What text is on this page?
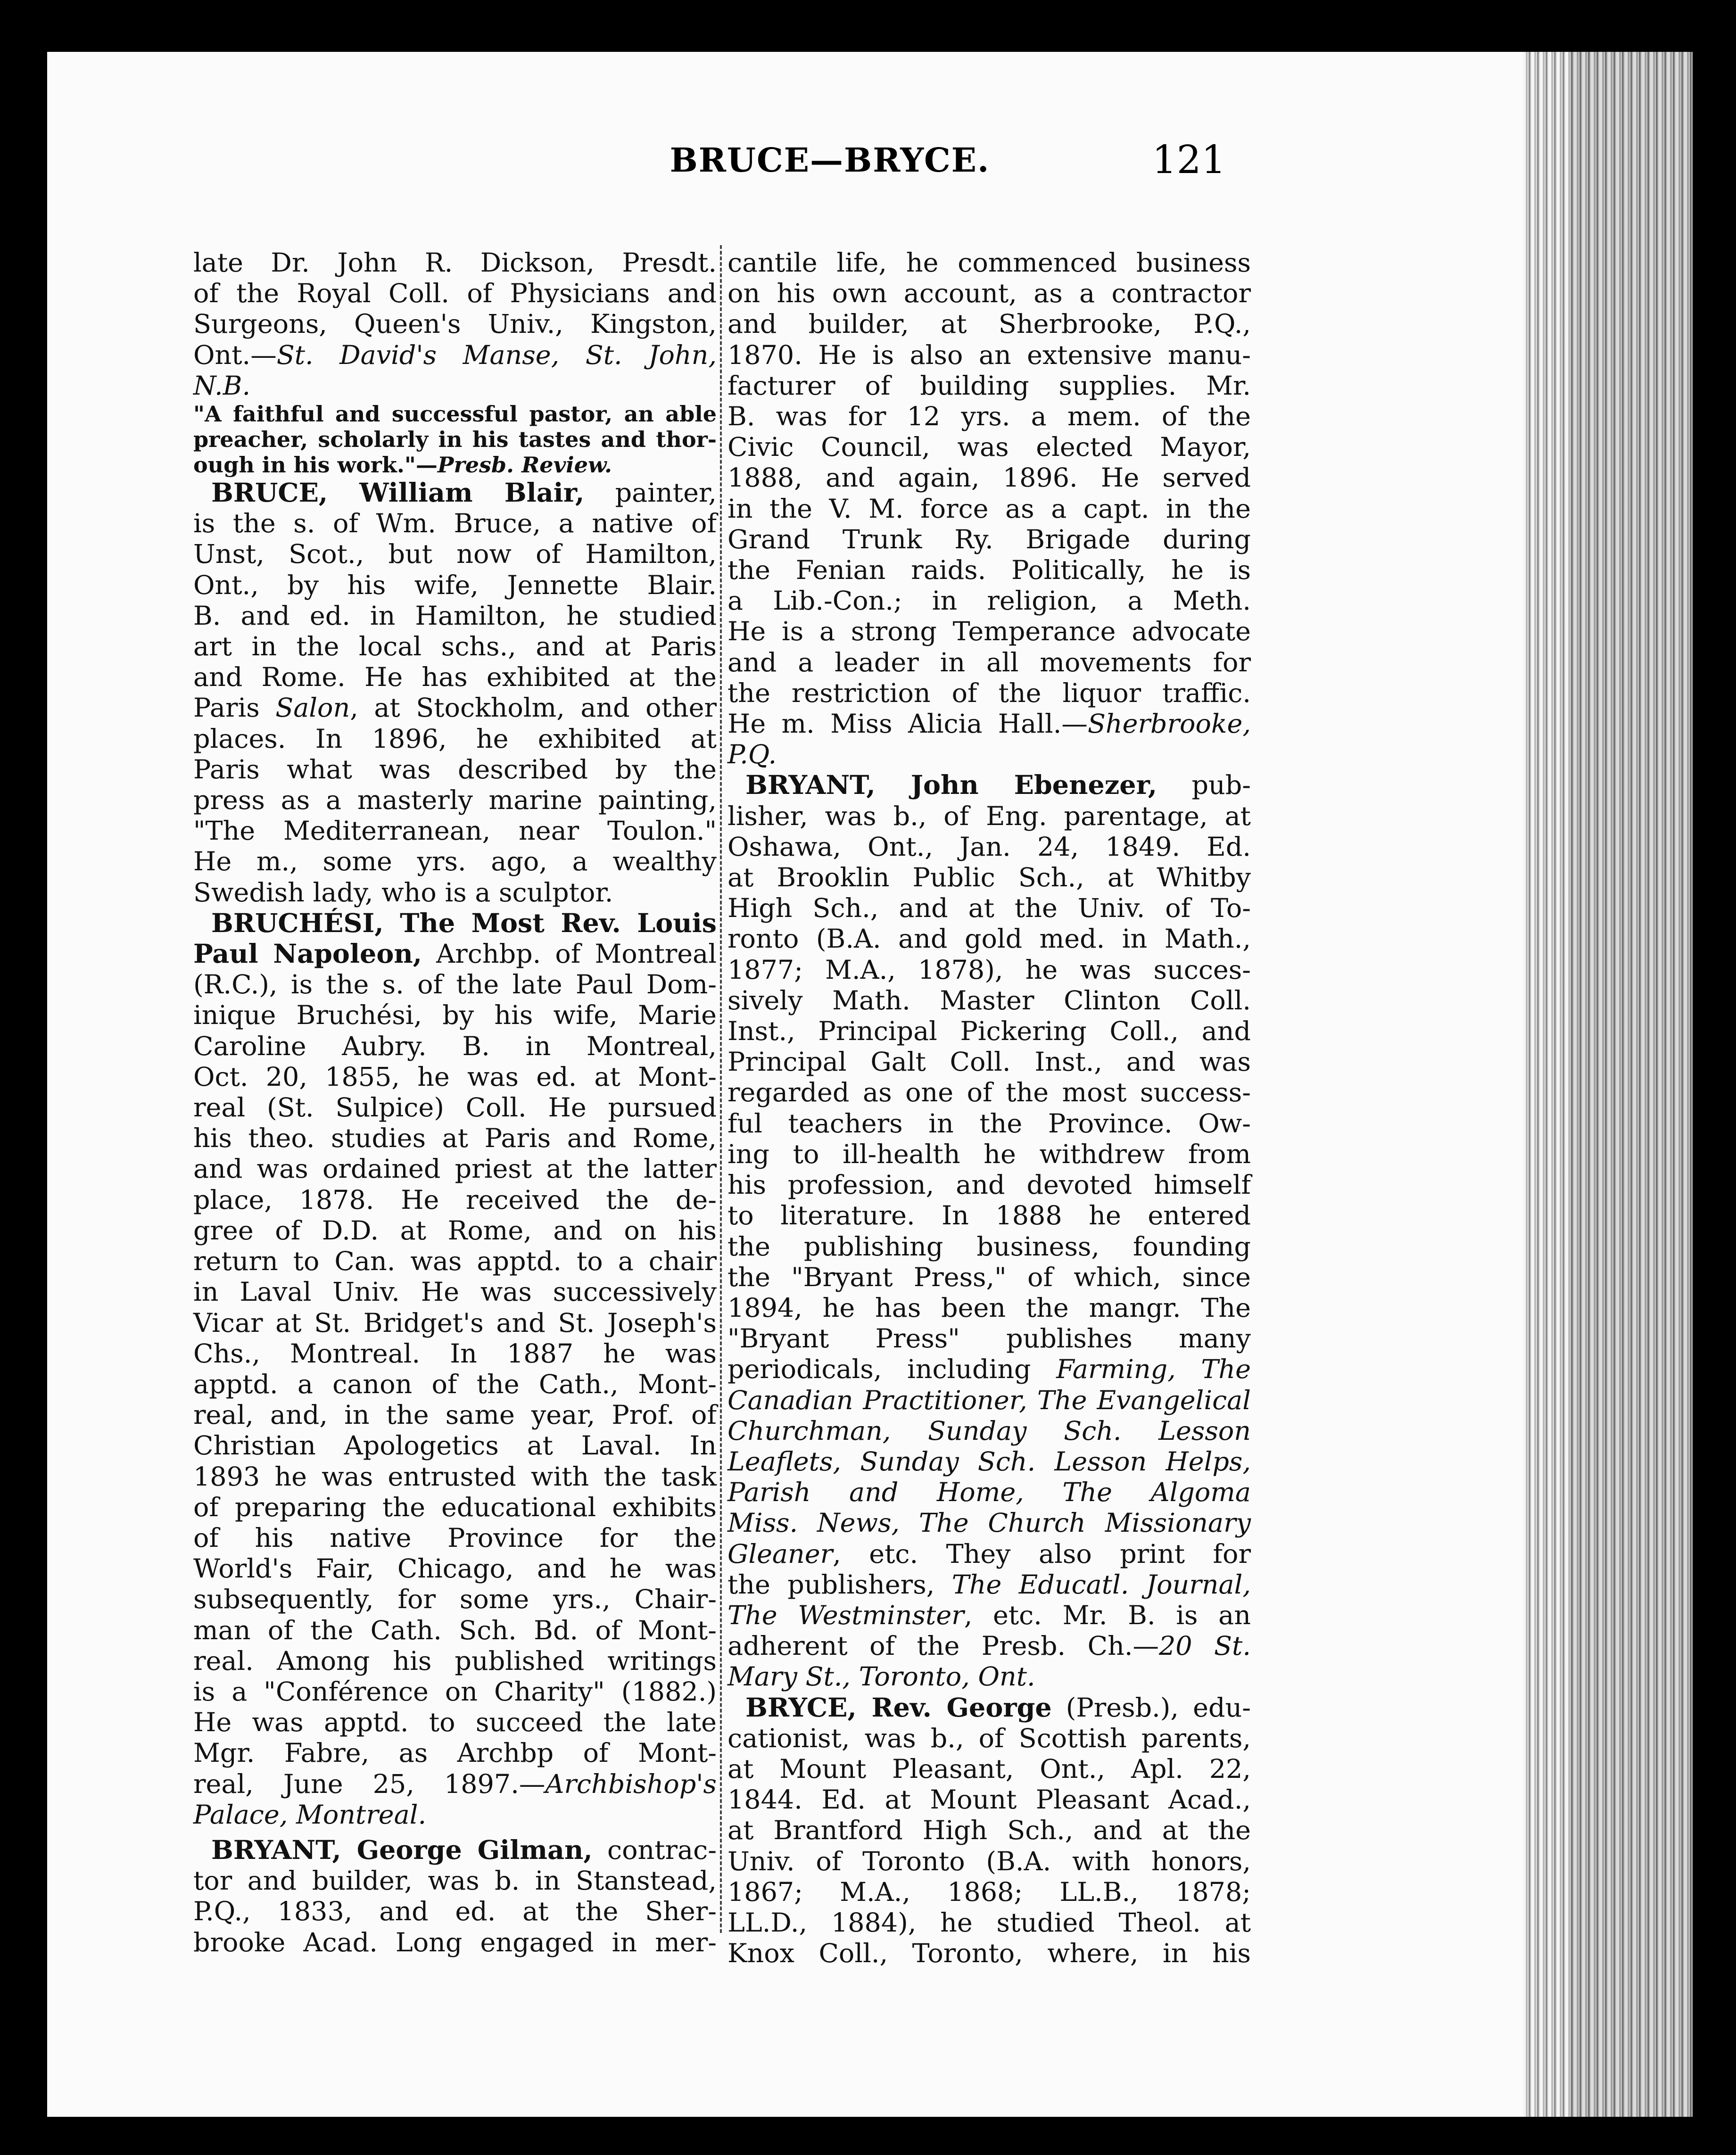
BRUCE—BRYCE.	121
late Dr. John R. Dickson, Presdt.
of the Royal Coll. of Physicians and
Surgeons, Queen's Univ., Kingston,
Ont.—St. David's Manse, St. John,
N.B.
"A faithful and successful pastor, an able
preacher, scholarly in his tastes and thor-
ough in his work."—Presb. Review.
BRUCE, William Blair, painter,
is the s. of Wm. Bruce, a native of
Unst, Scot., but now of Hamilton,
Ont., by his wife, Jennette Blair.
B. and ed. in Hamilton, he studied
art in the local schs., and at Paris
and Rome. He has exhibited at the
Paris Salon, at Stockholm, and other
places. In 1896, he exhibited at
Paris what was described by the
press as a masterly marine painting,
"The Mediterranean, near Toulon."
He m., some yrs. ago, a wealthy
Swedish lady, who is a sculptor.
BRUCHÉSI, The Most Rev. Louis
Paul Napoleon, Archbp. of Montreal
(R.C.), is the s. of the late Paul Dom-
inique Bruchési, by his wife, Marie
Caroline Aubry. B. in Montreal,
Oct. 20, 1855, he was ed. at Mont-
real (St. Sulpice) Coll. He pursued
his theo. studies at Paris and Rome,
and was ordained priest at the latter
place, 1878. He received the de-
gree of D.D. at Rome, and on his
return to Can. was apptd. to a chair
in Laval Univ. He was successively
Vicar at St. Bridget's and St. Joseph's
Chs., Montreal. In 1887 he was
apptd. a canon of the Cath., Mont-
real, and, in the same year, Prof. of
Christian Apologetics at Laval. In
1893 he was entrusted with the task
of preparing the educational exhibits
of his native Province for the
World's Fair, Chicago, and he was
subsequently, for some yrs., Chair-
man of the Cath. Sch. Bd. of Mont-
real. Among his published writings
is a "Conférence on Charity" (1882.)
He was apptd. to succeed the late
Mgr. Fabre, as Archbp of Mont-
real, June 25, 1897.—Archbishop's
Palace, Montreal.
BRYANT, George Gilman, contrac-
tor and builder, was b. in Stanstead,
P.Q., 1833, and ed. at the Sher-
brooke Acad. Long engaged in mer-
cantile life, he commenced business
on his own account, as a contractor
and builder, at Sherbrooke, P.Q.,
1870. He is also an extensive manu-
facturer of building supplies. Mr.
B. was for 12 yrs. a mem. of the
Civic Council, was elected Mayor,
1888, and again, 1896. He served
in the V. M. force as a capt. in the
Grand Trunk Ry. Brigade during
the Fenian raids. Politically, he is
a Lib.-Con.; in religion, a Meth.
He is a strong Temperance advocate
and a leader in all movements for
the restriction of the liquor traffic.
He m. Miss Alicia Hall.—Sherbrooke,
P.Q.
BRYANT, John Ebenezer, pub-
lisher, was b., of Eng. parentage, at
Oshawa, Ont., Jan. 24, 1849. Ed.
at Brooklin Public Sch., at Whitby
High Sch., and at the Univ. of To-
ronto (B.A. and gold med. in Math.,
1877; M.A., 1878), he was succes-
sively Math. Master Clinton Coll.
Inst., Principal Pickering Coll., and
Principal Galt Coll. Inst., and was
regarded as one of the most success-
ful teachers in the Province. Ow-
ing to ill-health he withdrew from
his profession, and devoted himself
to literature. In 1888 he entered
the publishing business, founding
the "Bryant Press," of which, since
1894, he has been the mangr. The
"Bryant Press" publishes many
periodicals, including Farming, The
Canadian Practitioner, The Evangelical
Churchman, Sunday Sch. Lesson
Leaflets, Sunday Sch. Lesson Helps,
Parish and Home, The Algoma
Miss. News, The Church Missionary
Gleaner, etc. They also print for
the publishers, The Educatl. Journal,
The Westminster, etc. Mr. B. is an
adherent of the Presb. Ch.—20 St.
Mary St., Toronto, Ont.
BRYCE, Rev. George (Presb.), edu-
cationist, was b., of Scottish parents,
at Mount Pleasant, Ont., Apl. 22,
1844. Ed. at Mount Pleasant Acad.,
at Brantford High Sch., and at the
Univ. of Toronto (B.A. with honors,
1867; M.A., 1868; LL.B., 1878;
LL.D., 1884), he studied Theol. at
Knox Coll., Toronto, where, in his
